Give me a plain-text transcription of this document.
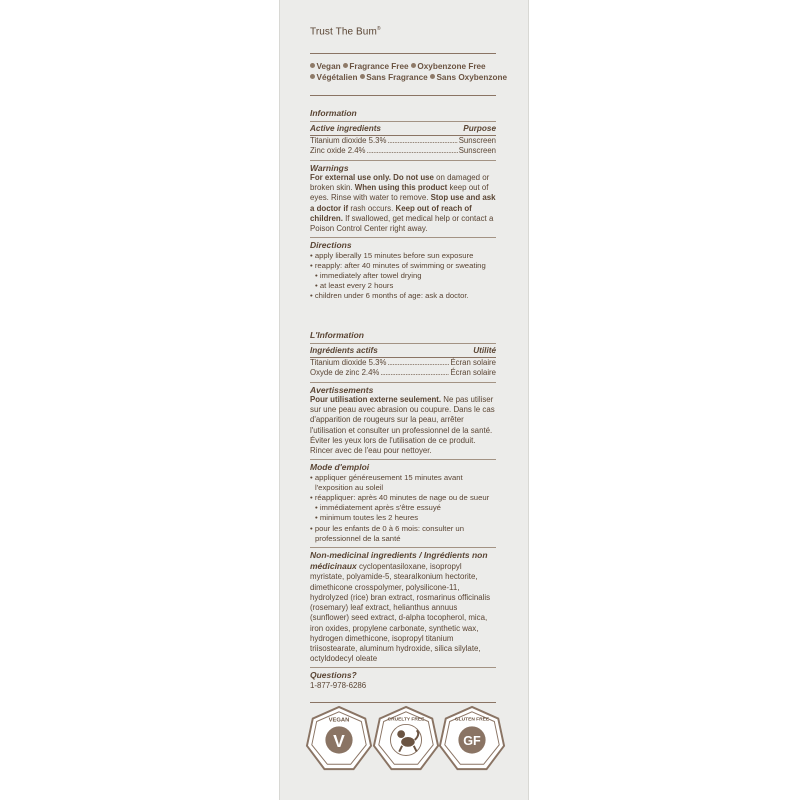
Trust The Bum®
Vegan Fragrance Free Oxybenzone Free
Végétalien Sans Fragrance Sans Oxybenzone
Information
Active ingredients	Purpose
Titanium dioxide 5.3% .....	Sunscreen
Zinc oxide 2.4% .....	Sunscreen
Warnings
For external use only. Do not use on damaged or broken skin. When using this product keep out of eyes. Rinse with water to remove. Stop use and ask a doctor if rash occurs. Keep out of reach of children. If swallowed, get medical help or contact a Poison Control Center right away.
Directions
• apply liberally 15 minutes before sun exposure
• reapply: after 40 minutes of swimming or sweating
• immediately after towel drying
• at least every 2 hours
• children under 6 months of age: ask a doctor.
L'Information
Ingrédients actifs	Utilité
Titanium dioxide 5.3% .....	Écran solaire
Oxyde de zinc 2.4% .....	Écran solaire
Avertissements
Pour utilisation externe seulement. Ne pas utiliser sur une peau avec abrasion ou coupure. Dans le cas d'apparition de rougeurs sur la peau, arrêter l'utilisation et consulter un professionnel de la santé. Éviter les yeux lors de l'utilisation de ce produit. Rincer avec de l'eau pour nettoyer.
Mode d'emploi
• appliquer généreusement 15 minutes avant l'exposition au soleil
• réappliquer: après 40 minutes de nage ou de sueur
• immédiatement après s'être essuyé
• minimum toutes les 2 heures
• pour les enfants de 0 à 6 mois: consulter un professionnel de la santé
Non-medicinal ingredients / Ingrédients non médicinaux cyclopentasiloxane, isopropyl myristate, polyamide-5, stearalkonium hectorite, dimethicone crosspolymer, polysilicone-11, hydrolyzed (rice) bran extract, rosmarinus officinalis (rosemary) leaf extract, helianthus annuus (sunflower) seed extract, d-alpha tocopherol, mica, iron oxides, propylene carbonate, synthetic wax, hydrogen dimethicone, isopropyl titanium triisostearate, aluminum hydroxide, silica silylate, octyldodecyl oleate
Questions?
1-877-978-6286
V
VEGAN	CRUELTY FREE
GF
GLUTEN FREE
